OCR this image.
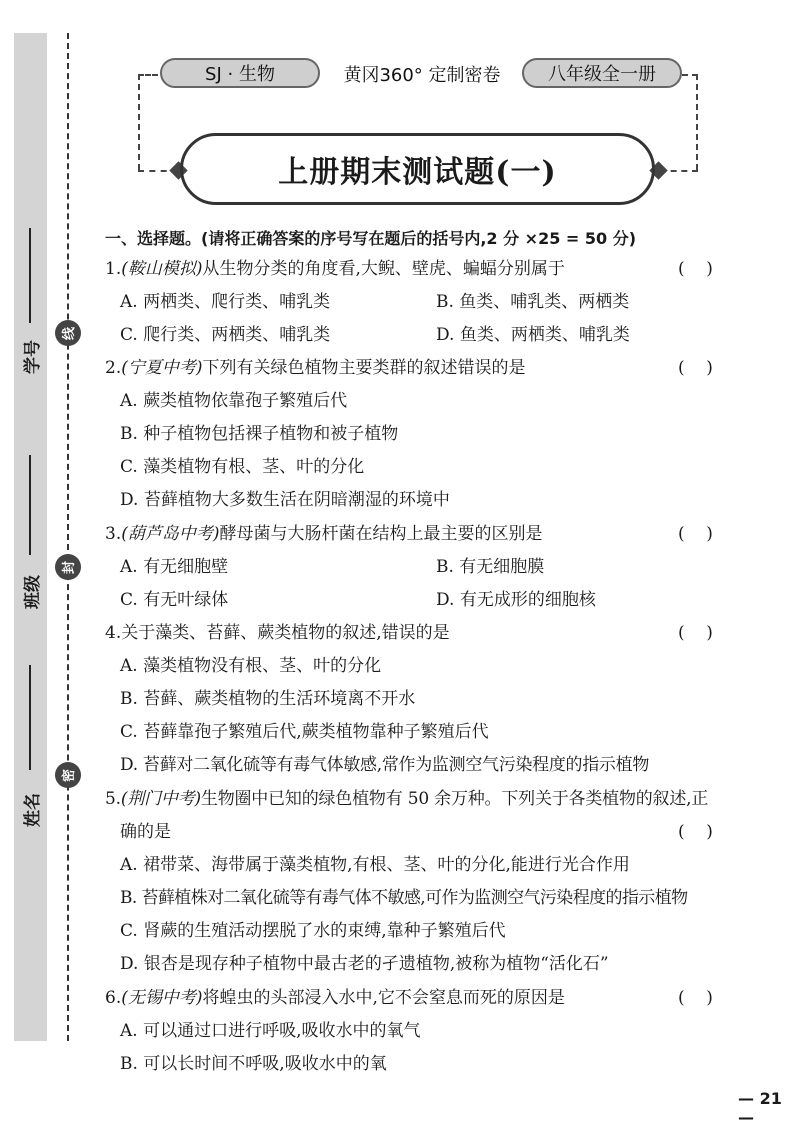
学号
班级
姓名
线
封
密
SJ · 生物	黄冈360° 定制密卷	八年级全一册
上册期末测试题(一)
一、选择题。(请将正确答案的序号写在题后的括号内,2 分 ×25 = 50 分)
1.(鞍山模拟)从生物分类的角度看,大鲵、壁虎、蝙蝠分别属于	(    )
A. 两栖类、爬行类、哺乳类	B. 鱼类、哺乳类、两栖类
C. 爬行类、两栖类、哺乳类	D. 鱼类、两栖类、哺乳类
2.(宁夏中考)下列有关绿色植物主要类群的叙述错误的是	(    )
A. 蕨类植物依靠孢子繁殖后代
B. 种子植物包括裸子植物和被子植物
C. 藻类植物有根、茎、叶的分化
D. 苔藓植物大多数生活在阴暗潮湿的环境中
3.(葫芦岛中考)酵母菌与大肠杆菌在结构上最主要的区别是	(    )
A. 有无细胞壁	B. 有无细胞膜
C. 有无叶绿体	D. 有无成形的细胞核
4.关于藻类、苔藓、蕨类植物的叙述,错误的是	(    )
A. 藻类植物没有根、茎、叶的分化
B. 苔藓、蕨类植物的生活环境离不开水
C. 苔藓靠孢子繁殖后代,蕨类植物靠种子繁殖后代
D. 苔藓对二氧化硫等有毒气体敏感,常作为监测空气污染程度的指示植物
5.(荆门中考)生物圈中已知的绿色植物有 50 余万种。下列关于各类植物的叙述,正
确的是	(    )
A. 裙带菜、海带属于藻类植物,有根、茎、叶的分化,能进行光合作用
B. 苔藓植株对二氧化硫等有毒气体不敏感,可作为监测空气污染程度的指示植物
C. 肾蕨的生殖活动摆脱了水的束缚,靠种子繁殖后代
D. 银杏是现存种子植物中最古老的孑遗植物,被称为植物“活化石”
6.(无锡中考)将蝗虫的头部浸入水中,它不会窒息而死的原因是	(    )
A. 可以通过口进行呼吸,吸收水中的氧气
B. 可以长时间不呼吸,吸收水中的氧
— 21 —
